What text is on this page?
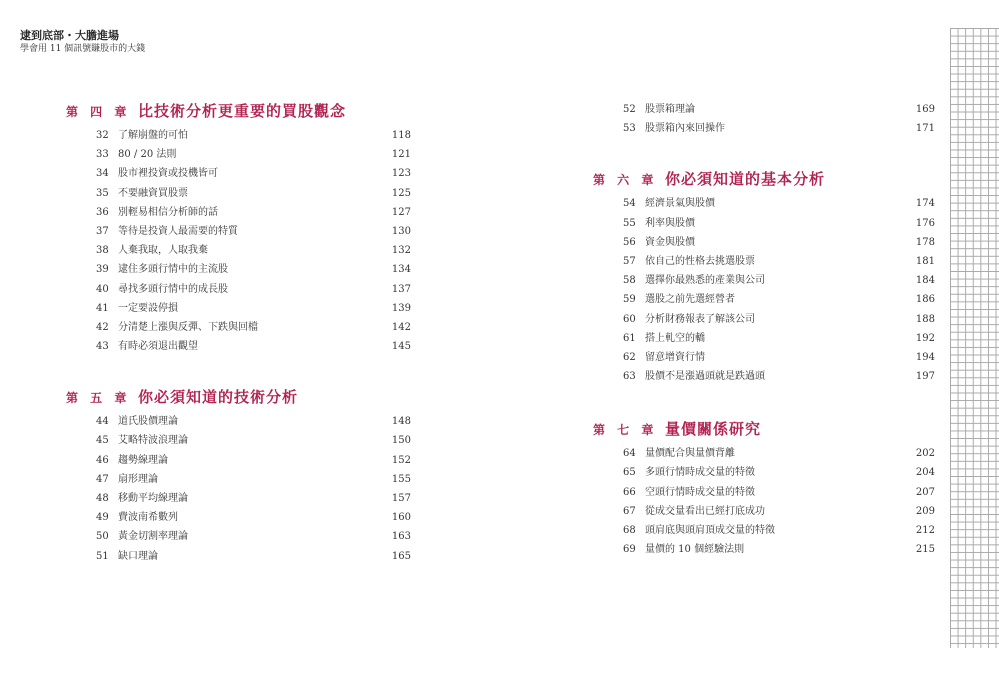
逮到底部・大膽進場
學會用 11 個訊號賺股市的大錢
第 四 章 比技術分析更重要的買股觀念
32 了解崩盤的可怕	118
33 80 / 20 法則	121
34 股市裡投資或投機皆可	123
35 不要融資買股票	125
36 別輕易相信分析師的話	127
37 等待是投資人最需要的特質	130
38 人棄我取，人取我棄	132
39 逮住多頭行情中的主流股	134
40 尋找多頭行情中的成長股	137
41 一定要設停損	139
42 分清楚上漲與反彈、下跌與回檔	142
43 有時必須退出觀望	145
第 五 章 你必須知道的技術分析
44 道氏股價理論	148
45 艾略特波浪理論	150
46 趨勢線理論	152
47 扇形理論	155
48 移動平均線理論	157
49 費波南希數列	160
50 黃金切割率理論	163
51 缺口理論	165
52 股票箱理論	169
53 股票箱內來回操作	171
第 六 章 你必須知道的基本分析
54 經濟景氣與股價	174
55 利率與股價	176
56 資金與股價	178
57 依自己的性格去挑選股票	181
58 選擇你最熟悉的產業與公司	184
59 選股之前先選經營者	186
60 分析財務報表了解該公司	188
61 搭上軋空的轎	192
62 留意增資行情	194
63 股價不是漲過頭就是跌過頭	197
第 七 章 量價關係研究
64 量價配合與量價背離	202
65 多頭行情時成交量的特徵	204
66 空頭行情時成交量的特徵	207
67 從成交量看出已經打底成功	209
68 頭肩底與頭肩頂成交量的特徵	212
69 量價的 10 個經驗法則	215
